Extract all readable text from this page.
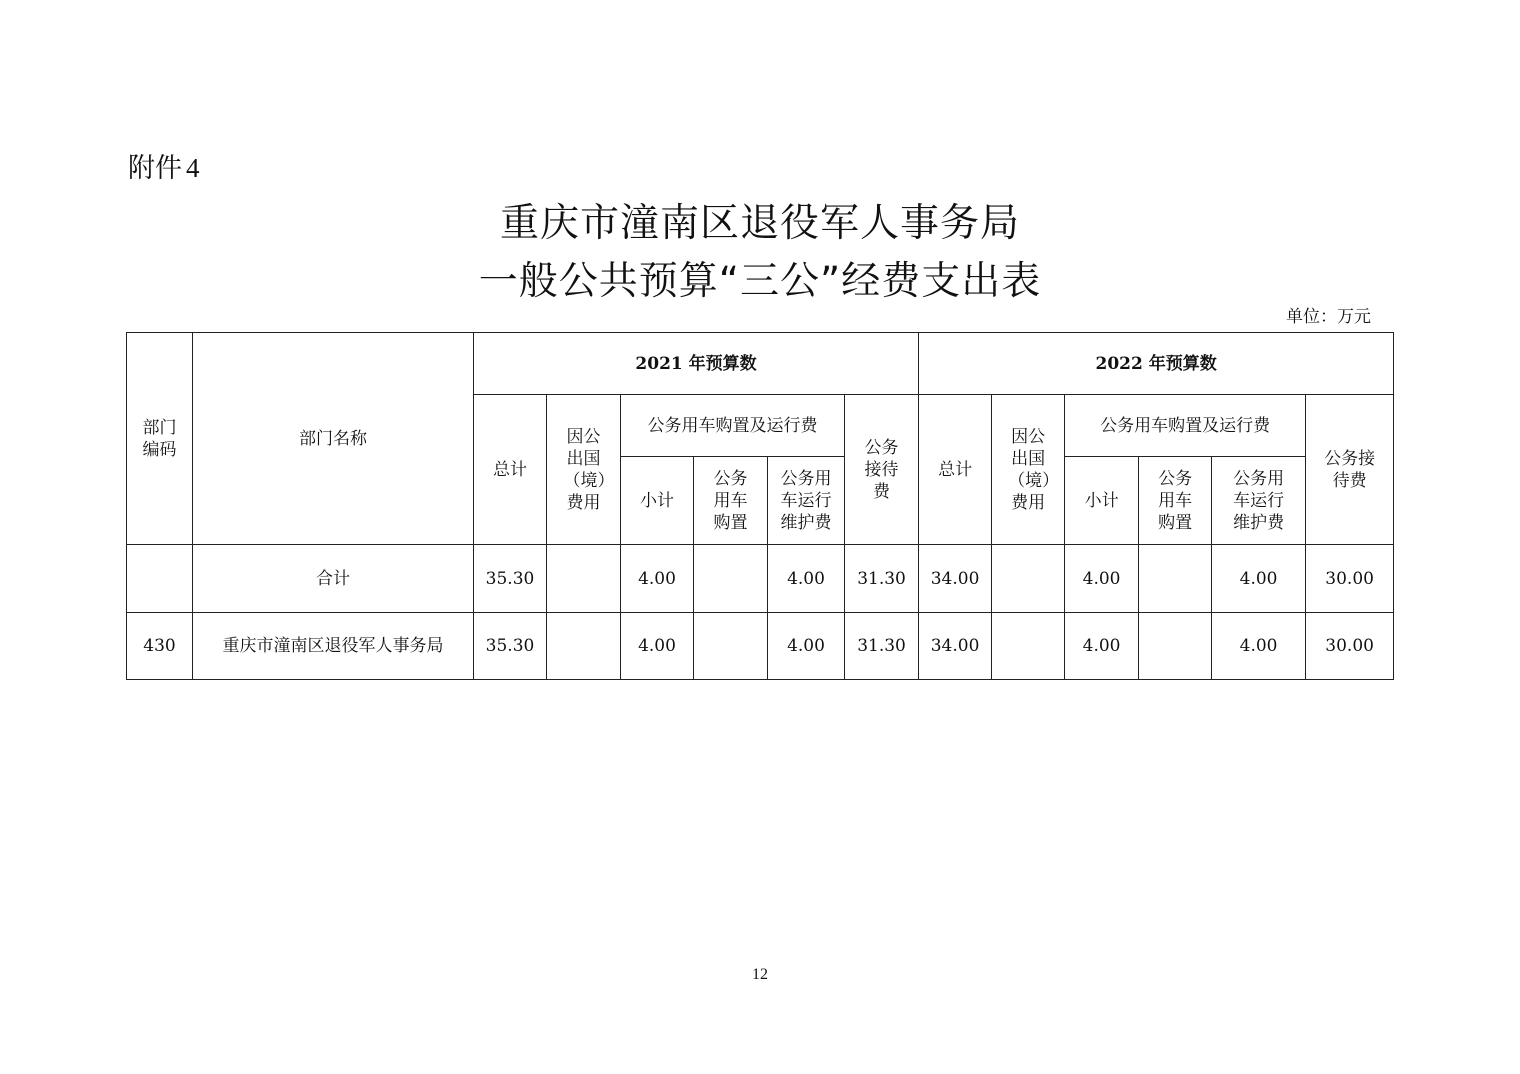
附件 4
重庆市潼南区退役军人事务局
一般公共预算“三公”经费支出表
单位：万元
部门编码	部门名称	2021 年预算数						2022 年预算数					
		总计	因公出国（境）费用	公务用车购置及运行费			公务接待费	总计	因公出国（境）费用	公务用车购置及运行费			公务接待费

				小计	公务用车购置	公务用车运行维护费				小计	公务用车购置	公务用车运行维护费	

	合计	35.30		4.00		4.00	31.30	34.00		4.00		4.00	30.00
430	重庆市潼南区退役军人事务局	35.30		4.00		4.00	31.30	34.00		4.00		4.00	30.00
12
